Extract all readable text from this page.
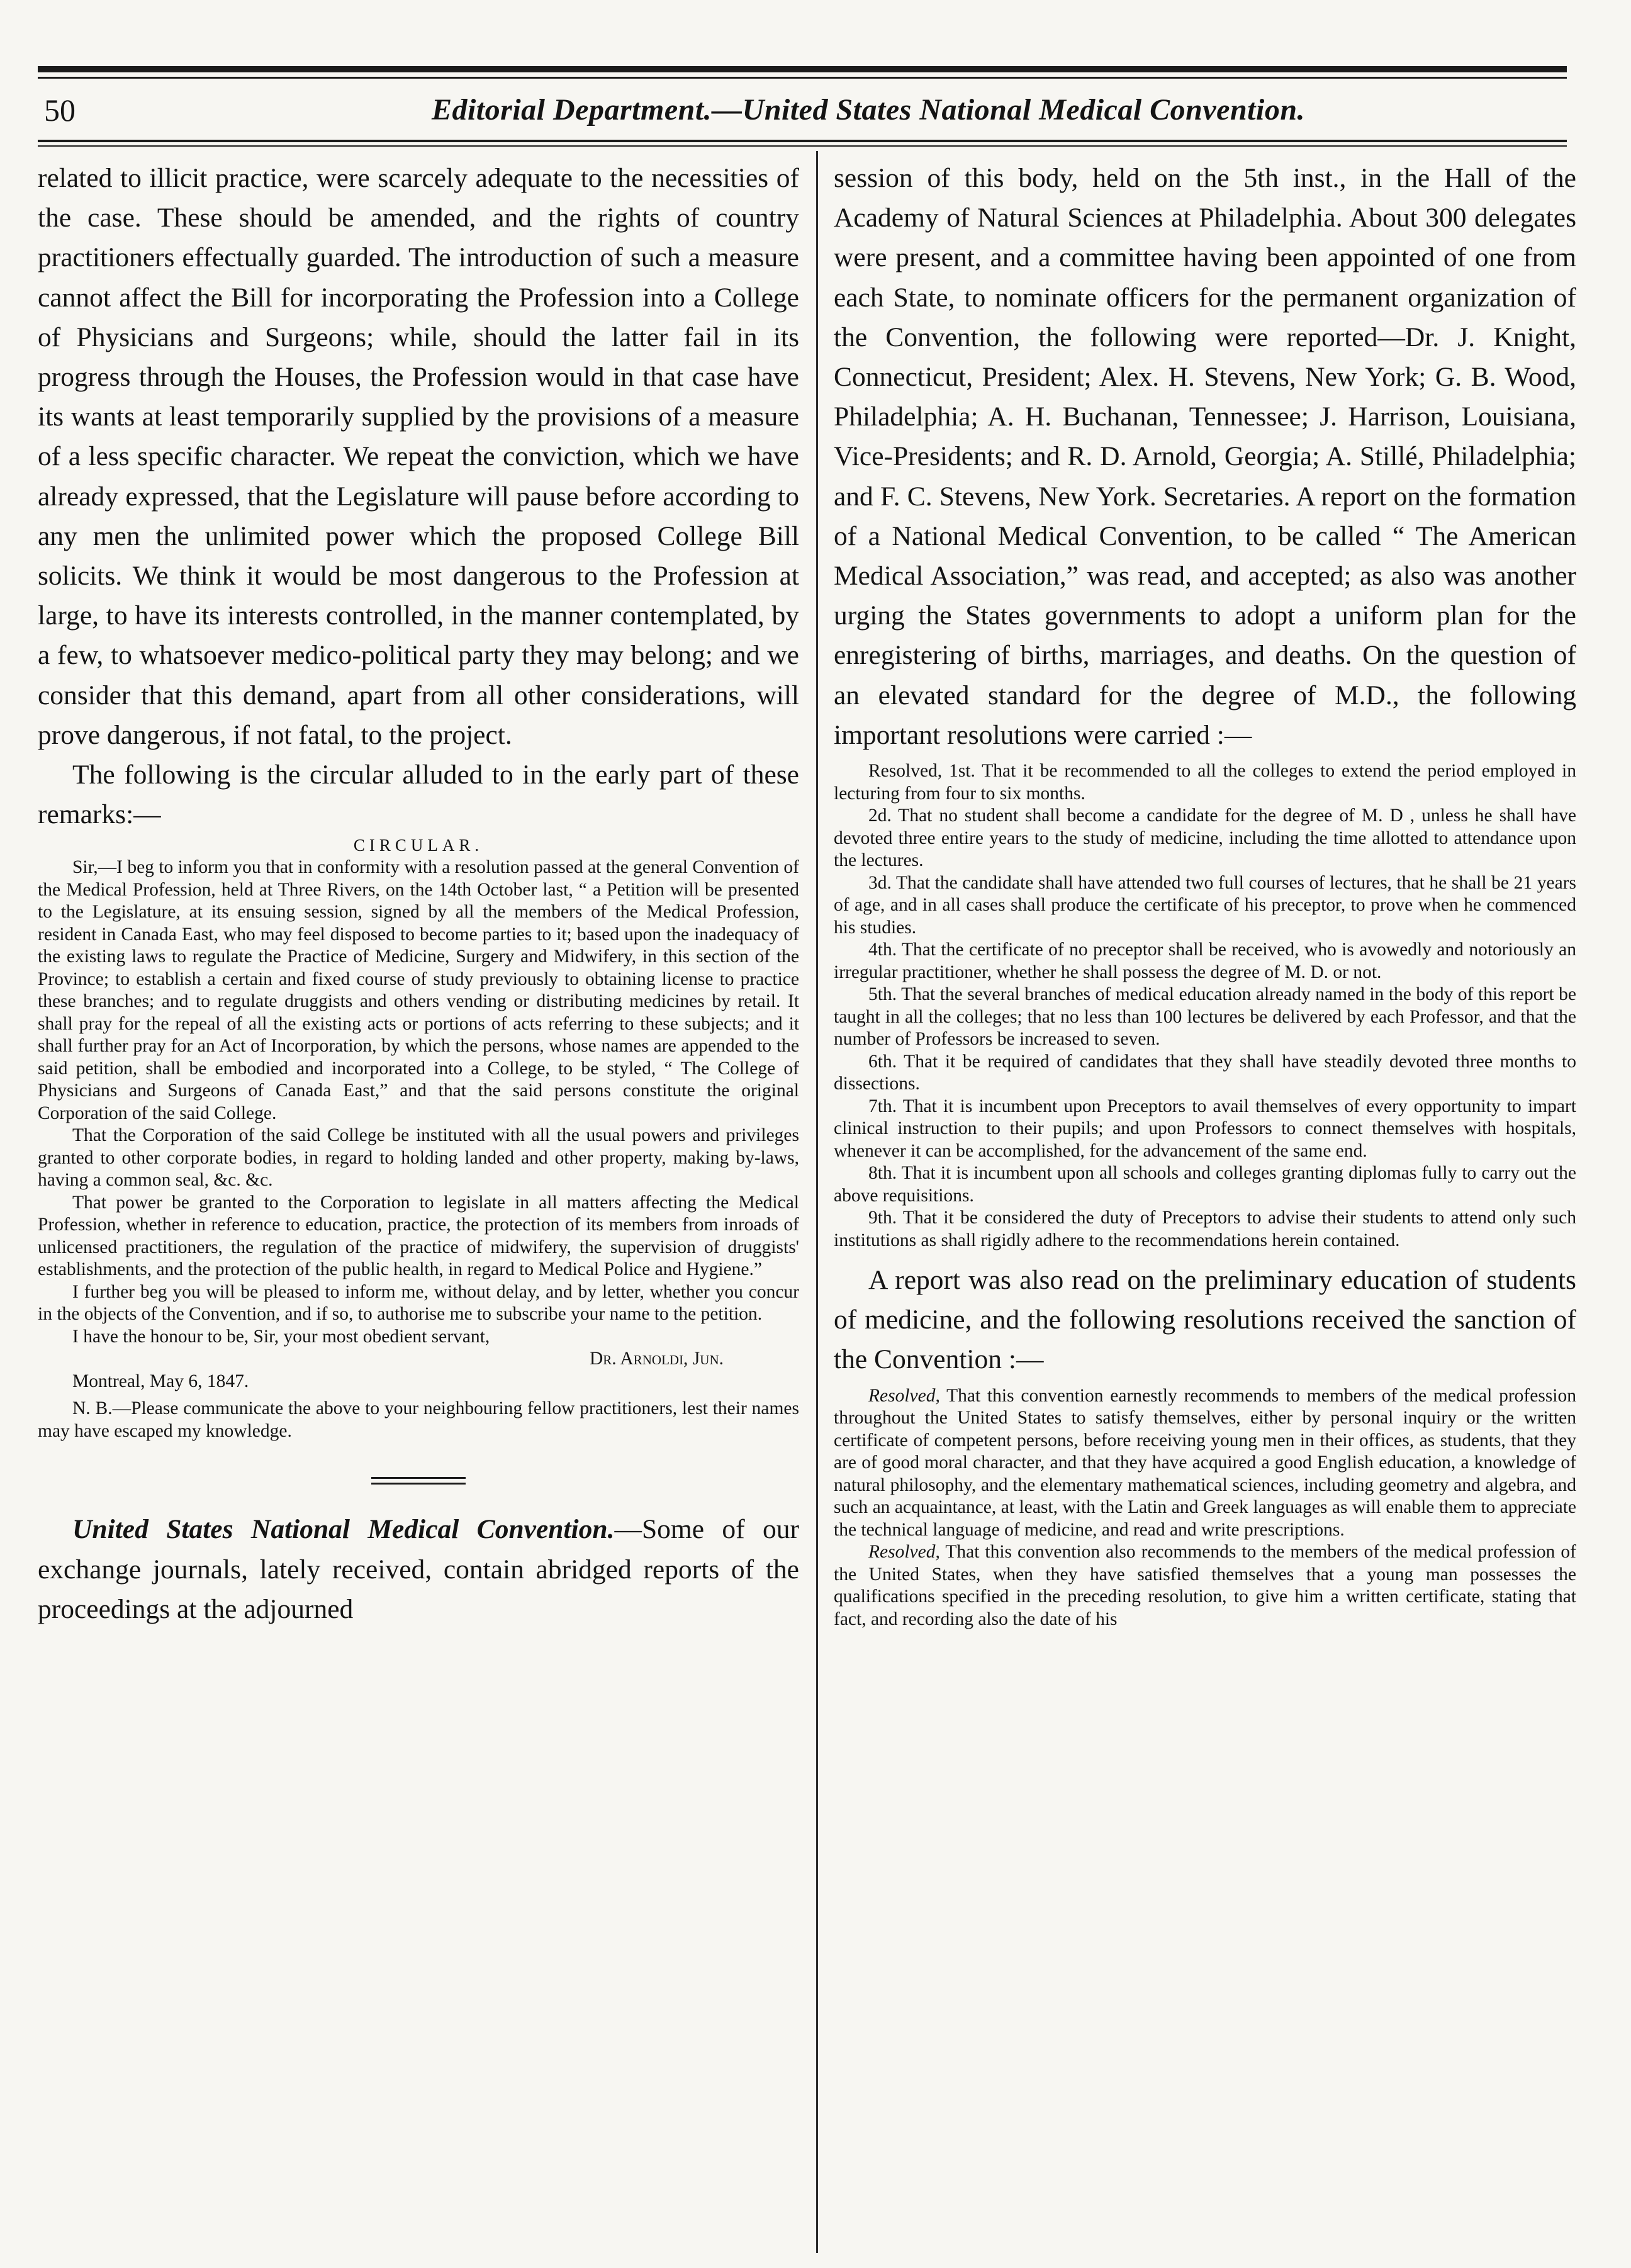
50	Editorial Department.—United States National Medical Convention.

related to illicit practice, were scarcely adequate to the necessities of the case. These should be amended, and the rights of country practitioners effectually guarded. The introduction of such a measure cannot affect the Bill for incorporating the Profession into a College of Physicians and Surgeons; while, should the latter fail in its progress through the Houses, the Profession would in that case have its wants at least temporarily supplied by the provisions of a measure of a less specific character. We repeat the conviction, which we have already expressed, that the Legislature will pause before according to any men the unlimited power which the proposed College Bill solicits. We think it would be most dangerous to the Profession at large, to have its interests controlled, in the manner contemplated, by a few, to whatsoever medico-political party they may belong; and we consider that this demand, apart from all other considerations, will prove dangerous, if not fatal, to the project.

The following is the circular alluded to in the early part of these remarks:—

CIRCULAR.

Sir,—I beg to inform you that in conformity with a resolution passed at the general Convention of the Medical Profession, held at Three Rivers, on the 14th October last, “ a Petition will be presented to the Legislature, at its ensuing session, signed by all the members of the Medical Profession, resident in Canada East, who may feel disposed to become parties to it; based upon the inadequacy of the existing laws to regulate the Practice of Medicine, Surgery and Midwifery, in this section of the Province; to establish a certain and fixed course of study previously to obtaining license to practice these branches; and to regulate druggists and others vending or distributing medicines by retail. It shall pray for the repeal of all the existing acts or portions of acts referring to these subjects; and it shall further pray for an Act of Incorporation, by which the persons, whose names are appended to the said petition, shall be embodied and incorporated into a College, to be styled, “ The College of Physicians and Surgeons of Canada East,” and that the said persons constitute the original Corporation of the said College.

That the Corporation of the said College be instituted with all the usual powers and privileges granted to other corporate bodies, in regard to holding landed and other property, making by-laws, having a common seal, &c. &c.

That power be granted to the Corporation to legislate in all matters affecting the Medical Profession, whether in reference to education, practice, the protection of its members from inroads of unlicensed practitioners, the regulation of the practice of midwifery, the supervision of druggists' establishments, and the protection of the public health, in regard to Medical Police and Hygiene.”

I further beg you will be pleased to inform me, without delay, and by letter, whether you concur in the objects of the Convention, and if so, to authorise me to subscribe your name to the petition.

I have the honour to be, Sir, your most obedient servant,

Dr. Arnoldi, Jun.

Montreal, May 6, 1847.

N. B.—Please communicate the above to your neighbouring fellow practitioners, lest their names may have escaped my knowledge.

United States National Medical Convention.—Some of our exchange journals, lately received, contain abridged reports of the proceedings at the adjourned

session of this body, held on the 5th inst., in the Hall of the Academy of Natural Sciences at Philadelphia. About 300 delegates were present, and a committee having been appointed of one from each State, to nominate officers for the permanent organization of the Convention, the following were reported—Dr. J. Knight, Connecticut, President; Alex. H. Stevens, New York; G. B. Wood, Philadelphia; A. H. Buchanan, Tennessee; J. Harrison, Louisiana, Vice-Presidents; and R. D. Arnold, Georgia; A. Stillé, Philadelphia; and F. C. Stevens, New York. Secretaries. A report on the formation of a National Medical Convention, to be called “ The American Medical Association,” was read, and accepted; as also was another urging the States governments to adopt a uniform plan for the enregistering of births, marriages, and deaths. On the question of an elevated standard for the degree of M.D., the following important resolutions were carried :—

Resolved, 1st. That it be recommended to all the colleges to extend the period employed in lecturing from four to six months.

2d. That no student shall become a candidate for the degree of M. D , unless he shall have devoted three entire years to the study of medicine, including the time allotted to attendance upon the lectures.

3d. That the candidate shall have attended two full courses of lectures, that he shall be 21 years of age, and in all cases shall produce the certificate of his preceptor, to prove when he commenced his studies.

4th. That the certificate of no preceptor shall be received, who is avowedly and notoriously an irregular practitioner, whether he shall possess the degree of M. D. or not.

5th. That the several branches of medical education already named in the body of this report be taught in all the colleges; that no less than 100 lectures be delivered by each Professor, and that the number of Professors be increased to seven.

6th. That it be required of candidates that they shall have steadily devoted three months to dissections.

7th. That it is incumbent upon Preceptors to avail themselves of every opportunity to impart clinical instruction to their pupils; and upon Professors to connect themselves with hospitals, whenever it can be accomplished, for the advancement of the same end.

8th. That it is incumbent upon all schools and colleges granting diplomas fully to carry out the above requisitions.

9th. That it be considered the duty of Preceptors to advise their students to attend only such institutions as shall rigidly adhere to the recommendations herein contained.

A report was also read on the preliminary education of students of medicine, and the following resolutions received the sanction of the Convention :—

Resolved, That this convention earnestly recommends to members of the medical profession throughout the United States to satisfy themselves, either by personal inquiry or the written certificate of competent persons, before receiving young men in their offices, as students, that they are of good moral character, and that they have acquired a good English education, a knowledge of natural philosophy, and the elementary mathematical sciences, including geometry and algebra, and such an acquaintance, at least, with the Latin and Greek languages as will enable them to appreciate the technical language of medicine, and read and write prescriptions.

Resolved, That this convention also recommends to the members of the medical profession of the United States, when they have satisfied themselves that a young man possesses the qualifications specified in the preceding resolution, to give him a written certificate, stating that fact, and recording also the date of his
